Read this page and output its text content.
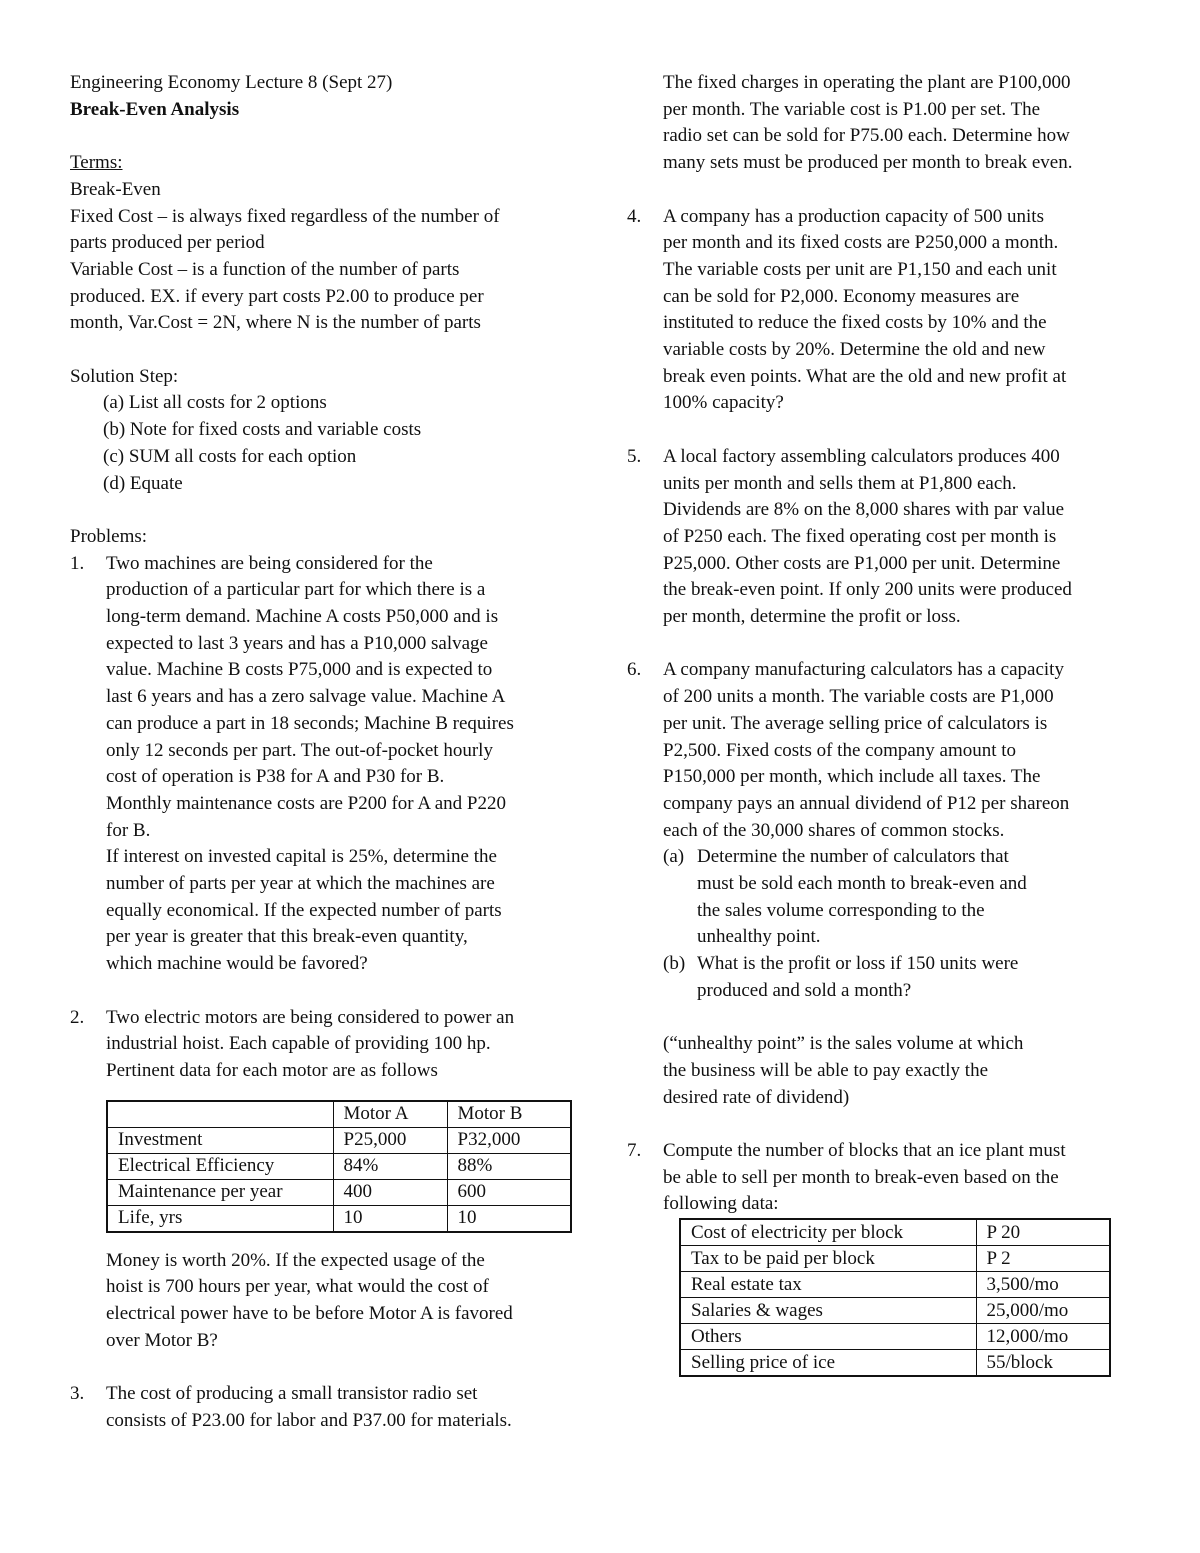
Engineering Economy Lecture 8 (Sept 27)
Break-Even Analysis
Terms:
Break-Even
Fixed Cost – is always fixed regardless of the number of
parts produced per period
Variable Cost – is a function of the number of parts
produced. EX. if every part costs P2.00 to produce per
month, Var.Cost = 2N, where N is the number of parts
Solution Step:
(a) List all costs for 2 options
(b) Note for fixed costs and variable costs
(c) SUM all costs for each option
(d) Equate
Problems:
1. Two machines are being considered for the
production of a particular part for which there is a
long-term demand. Machine A costs P50,000 and is
expected to last 3 years and has a P10,000 salvage
value. Machine B costs P75,000 and is expected to
last 6 years and has a zero salvage value. Machine A
can produce a part in 18 seconds; Machine B requires
only 12 seconds per part. The out-of-pocket hourly
cost of operation is P38 for A and P30 for B.
Monthly maintenance costs are P200 for A and P220
for B.
If interest on invested capital is 25%, determine the
number of parts per year at which the machines are
equally economical. If the expected number of parts
per year is greater that this break-even quantity,
which machine would be favored?
2. Two electric motors are being considered to power an
industrial hoist. Each capable of providing 100 hp.
Pertinent data for each motor are as follows
	Motor A	Motor B
Investment	P25,000	P32,000
Electrical Efficiency	84%	88%
Maintenance per year	400	600
Life, yrs	10	10
Money is worth 20%. If the expected usage of the
hoist is 700 hours per year, what would the cost of
electrical power have to be before Motor A is favored
over Motor B?
3. The cost of producing a small transistor radio set
consists of P23.00 for labor and P37.00 for materials.
The fixed charges in operating the plant are P100,000
per month. The variable cost is P1.00 per set. The
radio set can be sold for P75.00 each. Determine how
many sets must be produced per month to break even.
4. A company has a production capacity of 500 units
per month and its fixed costs are P250,000 a month.
The variable costs per unit are P1,150 and each unit
can be sold for P2,000. Economy measures are
instituted to reduce the fixed costs by 10% and the
variable costs by 20%. Determine the old and new
break even points. What are the old and new profit at
100% capacity?
5. A local factory assembling calculators produces 400
units per month and sells them at P1,800 each.
Dividends are 8% on the 8,000 shares with par value
of P250 each. The fixed operating cost per month is
P25,000. Other costs are P1,000 per unit. Determine
the break-even point. If only 200 units were produced
per month, determine the profit or loss.
6. A company manufacturing calculators has a capacity
of 200 units a month. The variable costs are P1,000
per unit. The average selling price of calculators is
P2,500. Fixed costs of the company amount to
P150,000 per month, which include all taxes. The
company pays an annual dividend of P12 per shareon
each of the 30,000 shares of common stocks.
(a) Determine the number of calculators that
must be sold each month to break-even and
the sales volume corresponding to the
unhealthy point.
(b) What is the profit or loss if 150 units were
produced and sold a month?
(“unhealthy point” is the sales volume at which
the business will be able to pay exactly the
desired rate of dividend)
7. Compute the number of blocks that an ice plant must
be able to sell per month to break-even based on the
following data:
Cost of electricity per block	P 20
Tax to be paid per block	P 2
Real estate tax	3,500/mo
Salaries & wages	25,000/mo
Others	12,000/mo
Selling price of ice	55/block
